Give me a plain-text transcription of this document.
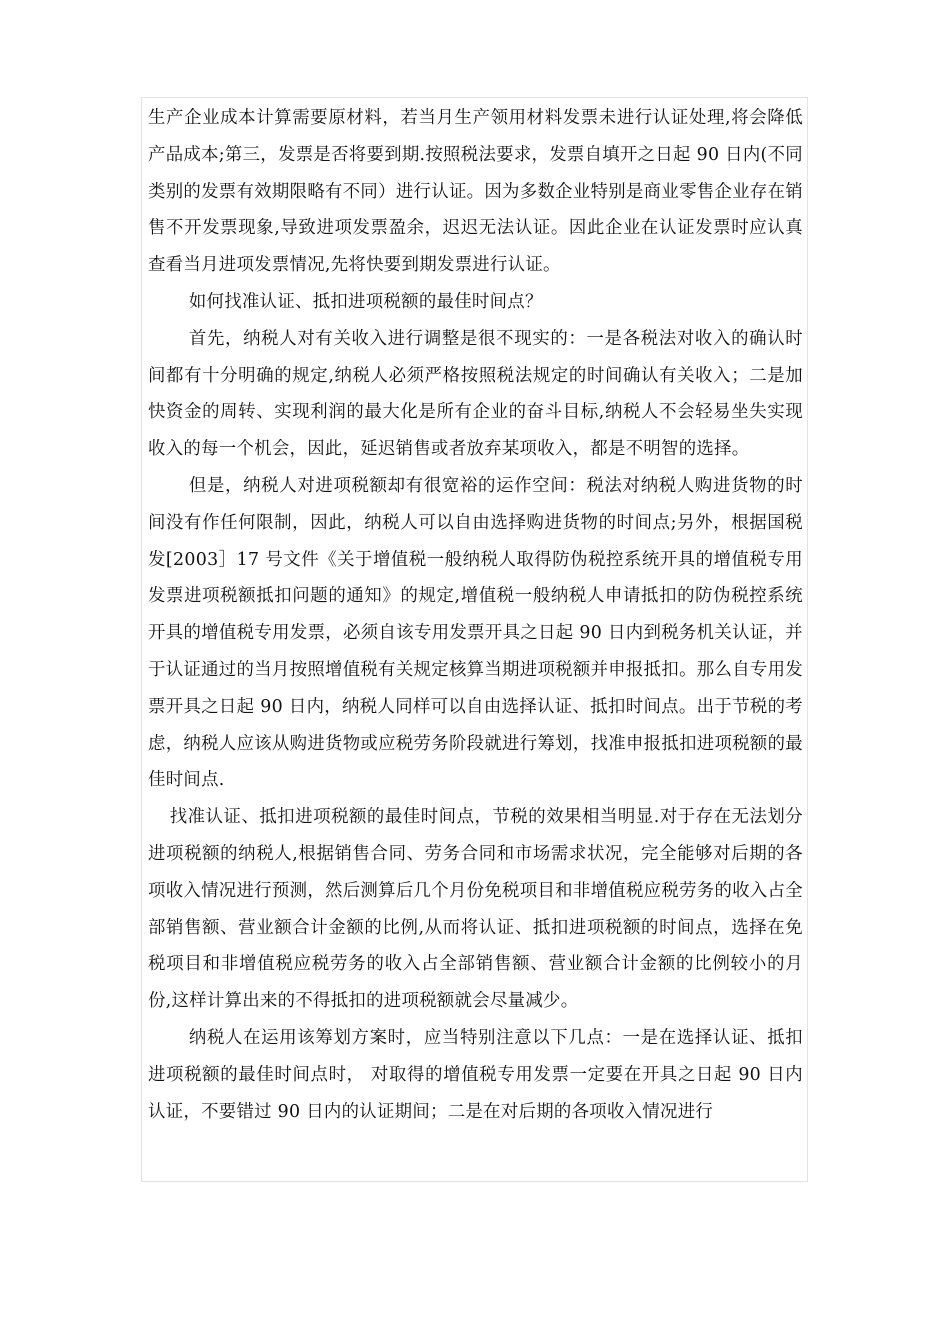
生产企业成本计算需要原材料，若当月生产领用材料发票未进行认证处理,将会降低产品成本;第三，发票是否将要到期.按照税法要求，发票自填开之日起 90 日内(不同类别的发票有效期限略有不同）进行认证。因为多数企业特别是商业零售企业存在销售不开发票现象,导致进项发票盈余，迟迟无法认证。因此企业在认证发票时应认真查看当月进项发票情况,先将快要到期发票进行认证。

如何找准认证、抵扣进项税额的最佳时间点？

首先，纳税人对有关收入进行调整是很不现实的：一是各税法对收入的确认时间都有十分明确的规定,纳税人必须严格按照税法规定的时间确认有关收入；二是加快资金的周转、实现利润的最大化是所有企业的奋斗目标,纳税人不会轻易坐失实现收入的每一个机会，因此，延迟销售或者放弃某项收入，都是不明智的选择。

但是，纳税人对进项税额却有很宽裕的运作空间：税法对纳税人购进货物的时间没有作任何限制，因此，纳税人可以自由选择购进货物的时间点;另外，根据国税发[2003］17 号文件《关于增值税一般纳税人取得防伪税控系统开具的增值税专用发票进项税额抵扣问题的通知》的规定,增值税一般纳税人申请抵扣的防伪税控系统开具的增值税专用发票，必须自该专用发票开具之日起 90 日内到税务机关认证，并于认证通过的当月按照增值税有关规定核算当期进项税额并申报抵扣。那么自专用发票开具之日起 90 日内，纳税人同样可以自由选择认证、抵扣时间点。出于节税的考虑，纳税人应该从购进货物或应税劳务阶段就进行筹划，找准申报抵扣进项税额的最佳时间点.

找准认证、抵扣进项税额的最佳时间点，节税的效果相当明显.对于存在无法划分进项税额的纳税人,根据销售合同、劳务合同和市场需求状况，完全能够对后期的各项收入情况进行预测，然后测算后几个月份免税项目和非增值税应税劳务的收入占全部销售额、营业额合计金额的比例,从而将认证、抵扣进项税额的时间点，选择在免税项目和非增值税应税劳务的收入占全部销售额、营业额合计金额的比例较小的月份,这样计算出来的不得抵扣的进项税额就会尽量减少。

纳税人在运用该筹划方案时，应当特别注意以下几点：一是在选择认证、抵扣进项税额的最佳时间点时， 对取得的增值税专用发票一定要在开具之日起 90 日内认证，不要错过 90 日内的认证期间；二是在对后期的各项收入情况进行
